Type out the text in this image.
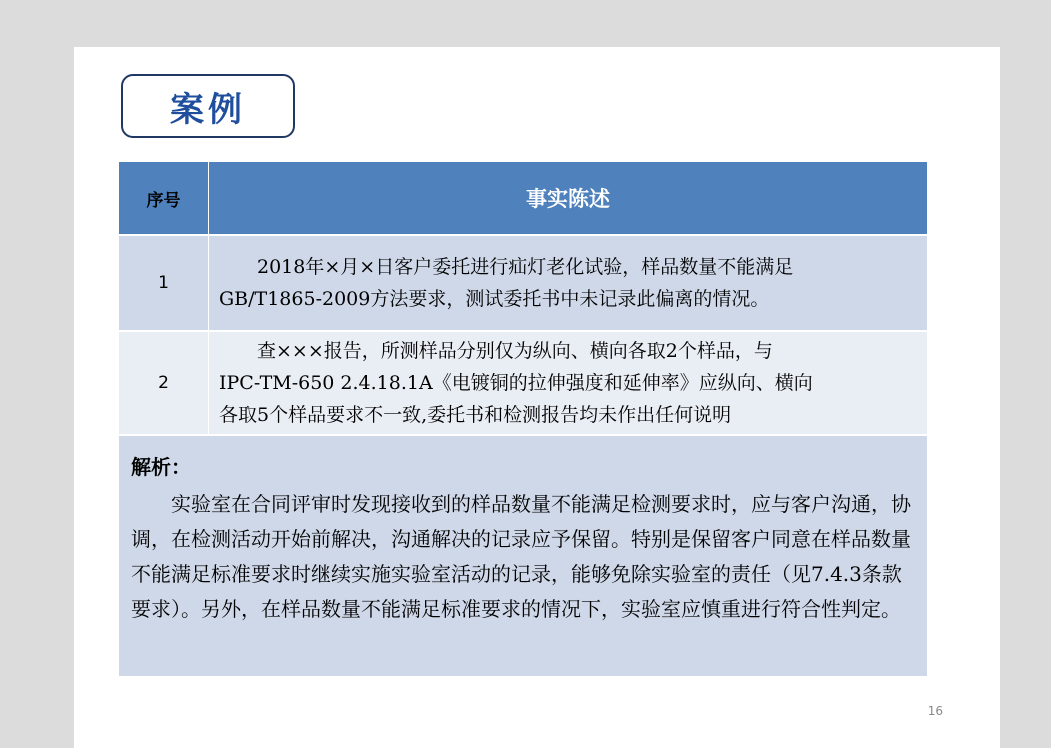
案例
序号	事实陈述
1
2018年×月×日客户委托进行疝灯老化试验，样品数量不能满足
GB/T1865-2009方法要求，测试委托书中未记录此偏离的情况。
2
查×××报告，所测样品分别仅为纵向、横向各取2个样品，与
IPC-TM-650 2.4.18.1A《电镀铜的拉伸强度和延伸率》应纵向、横向
各取5个样品要求不一致,委托书和检测报告均未作出任何说明
解析：
实验室在合同评审时发现接收到的样品数量不能满足检测要求时，应与客户沟通，协调，在检测活动开始前解决，沟通解决的记录应予保留。特别是保留客户同意在样品数量不能满足标准要求时继续实施实验室活动的记录，能够免除实验室的责任（见7.4.3条款要求）。另外，在样品数量不能满足标准要求的情况下，实验室应慎重进行符合性判定。
16
